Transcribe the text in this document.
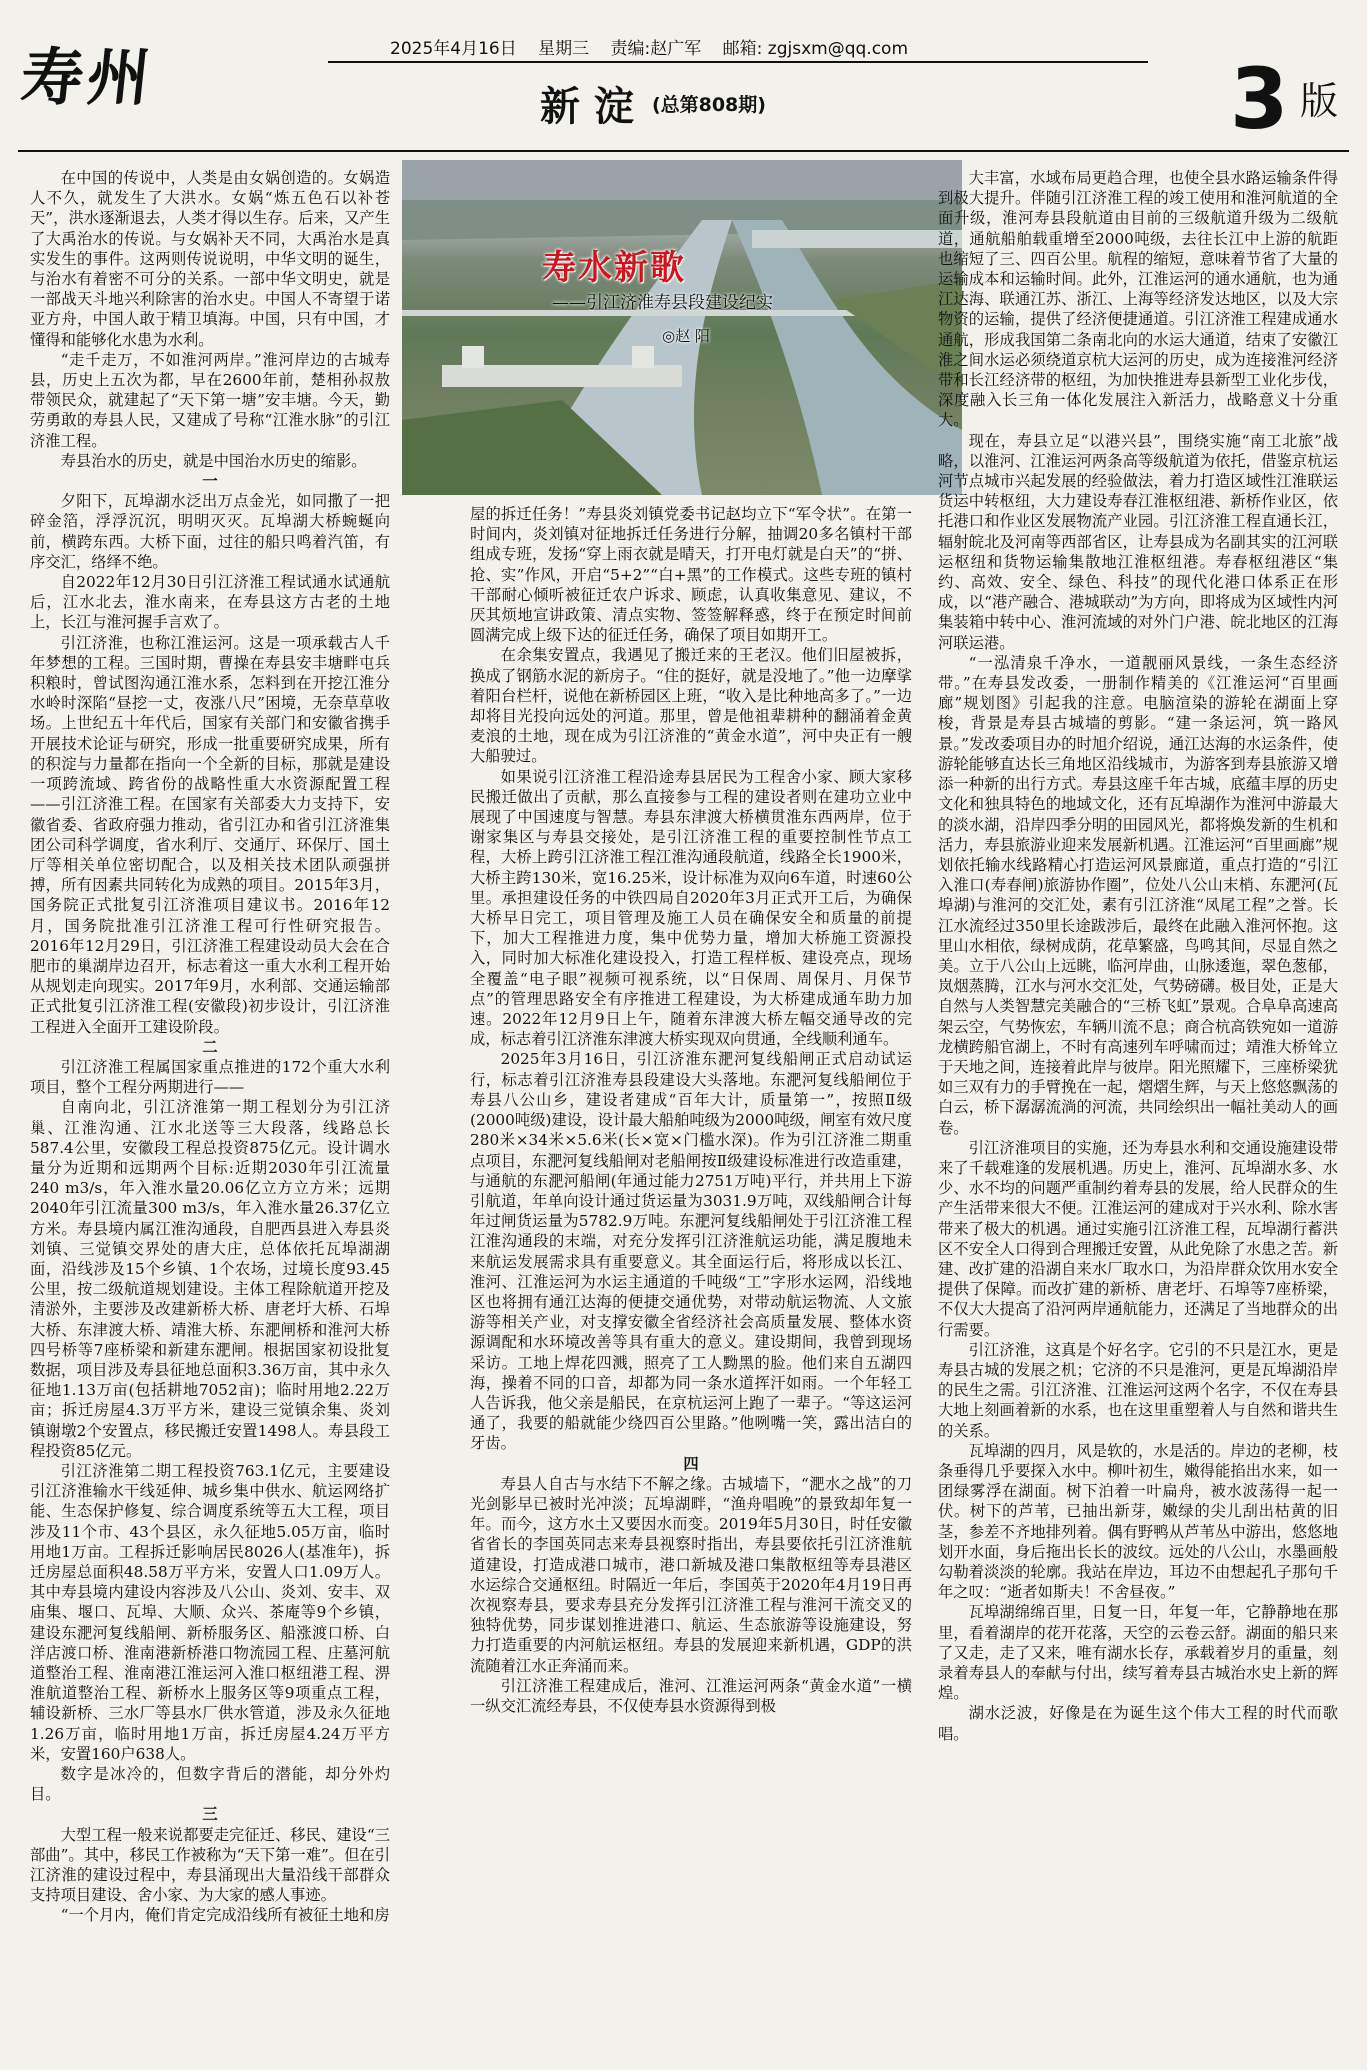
寿州	2025年4月16日 星期三 责编:赵广军 邮箱: zgjsxm@qq.com
新 淀 (总第808期)	3 版
寿水新歌
——引江济淮寿县段建设纪实
◎赵 阳

在中国的传说中，人类是由女娲创造的。女娲造人不久，就发生了大洪水。女娲“炼五色石以补苍天”，洪水逐渐退去，人类才得以生存。后来，又产生了大禹治水的传说。与女娲补天不同，大禹治水是真实发生的事件。这两则传说说明，中华文明的诞生，与治水有着密不可分的关系。一部中华文明史，就是一部战天斗地兴利除害的治水史。中国人不寄望于诺亚方舟，中国人敢于精卫填海。中国，只有中国，才懂得和能够化水患为水利。

“走千走万，不如淮河两岸。”淮河岸边的古城寿县，历史上五次为都，早在2600年前，楚相孙叔敖带领民众，就建起了“天下第一塘”安丰塘。今天，勤劳勇敢的寿县人民，又建成了号称“江淮水脉”的引江济淮工程。

寿县治水的历史，就是中国治水历史的缩影。

一

夕阳下，瓦埠湖水泛出万点金光，如同撒了一把碎金箔，浮浮沉沉，明明灭灭。瓦埠湖大桥蜿蜒向前，横跨东西。大桥下面，过往的船只鸣着汽笛，有序交汇，络绎不绝。

自2022年12月30日引江济淮工程试通水试通航后，江水北去，淮水南来，在寿县这方古老的土地上，长江与淮河握手言欢了。

引江济淮，也称江淮运河。这是一项承载古人千年梦想的工程。三国时期，曹操在寿县安丰塘畔屯兵积粮时，曾试图沟通江淮水系，怎料到在开挖江淮分水岭时深陷“昼挖一丈，夜涨八尺”困境，无奈草草收场。上世纪五十年代后，国家有关部门和安徽省携手开展技术论证与研究，形成一批重要研究成果，所有的积淀与力量都在指向一个全新的目标，那就是建设一项跨流域、跨省份的战略性重大水资源配置工程——引江济淮工程。在国家有关部委大力支持下，安徽省委、省政府强力推动，省引江办和省引江济淮集团公司科学调度，省水利厅、交通厅、环保厅、国土厅等相关单位密切配合，以及相关技术团队顽强拼搏，所有因素共同转化为成熟的项目。2015年3月，国务院正式批复引江济淮项目建议书。2016年12月，国务院批准引江济淮工程可行性研究报告。2016年12月29日，引江济淮工程建设动员大会在合肥市的巢湖岸边召开，标志着这一重大水利工程开始从规划走向现实。2017年9月，水利部、交通运输部正式批复引江济淮工程(安徽段)初步设计，引江济淮工程进入全面开工建设阶段。

二

引江济淮工程属国家重点推进的172个重大水利项目，整个工程分两期进行——

自南向北，引江济淮第一期工程划分为引江济巢、江淮沟通、江水北送等三大段落，线路总长587.4公里，安徽段工程总投资875亿元。设计调水量分为近期和远期两个目标:近期2030年引江流量240 m3/s，年入淮水量20.06亿立方立方米；远期2040年引江流量300 m3/s，年入淮水量26.37亿立方米。寿县境内属江淮沟通段，自肥西县进入寿县炎刘镇、三觉镇交界处的唐大庄，总体依托瓦埠湖湖面，沿线涉及15个乡镇、1个农场，过境长度93.45公里，按二级航道规划建设。主体工程除航道开挖及清淤外，主要涉及改建新桥大桥、唐老圩大桥、石埠大桥、东津渡大桥、靖淮大桥、东淝闸桥和淮河大桥四号桥等7座桥梁和新建东淝闸。根据国家初设批复数据，项目涉及寿县征地总面积3.36万亩，其中永久征地1.13万亩(包括耕地7052亩)；临时用地2.22万亩；拆迁房屋4.3万平方米，建设三觉镇余集、炎刘镇谢墩2个安置点，移民搬迁安置1498人。寿县段工程投资85亿元。

引江济淮第二期工程投资763.1亿元，主要建设引江济淮输水干线延伸、城乡集中供水、航运网络扩能、生态保护修复、综合调度系统等五大工程，项目涉及11个市、43个县区，永久征地5.05万亩，临时用地1万亩。工程拆迁影响居民8026人(基准年)，拆迁房屋总面积48.58万平方米，安置人口1.09万人。其中寿县境内建设内容涉及八公山、炎刘、安丰、双庙集、堰口、瓦埠、大顺、众兴、茶庵等9个乡镇，建设东淝河复线船闸、新桥服务区、船涨渡口桥、白洋店渡口桥、淮南港新桥港口物流园工程、庄墓河航道整治工程、淮南港江淮运河入淮口枢纽港工程、淠淮航道整治工程、新桥水上服务区等9项重点工程，辅设新桥、三水厂等县水厂供水管道，涉及永久征地1.26万亩，临时用地1万亩，拆迁房屋4.24万平方米，安置160户638人。

数字是冰冷的，但数字背后的潜能，却分外灼目。

三

大型工程一般来说都要走完征迁、移民、建设“三部曲”。其中，移民工作被称为“天下第一难”。但在引江济淮的建设过程中，寿县涌现出大量沿线干部群众支持项目建设、舍小家、为大家的感人事迹。

“一个月内，俺们肯定完成沿线所有被征土地和房

屋的拆迁任务！”寿县炎刘镇党委书记赵均立下“军令状”。在第一时间内，炎刘镇对征地拆迁任务进行分解，抽调20多名镇村干部组成专班，发扬“穿上雨衣就是晴天，打开电灯就是白天”的“拼、抢、实”作风，开启“5+2”“白+黑”的工作模式。这些专班的镇村干部耐心倾听被征迁农户诉求、顾虑，认真收集意见、建议，不厌其烦地宣讲政策、清点实物、签签解释惑，终于在预定时间前圆满完成上级下达的征迁任务，确保了项目如期开工。

在余集安置点，我遇见了搬迁来的王老汉。他们旧屋被拆，换成了钢筋水泥的新房子。“住的挺好，就是没地了。”他一边摩挲着阳台栏杆，说他在新桥园区上班，“收入是比种地高多了。”一边却将目光投向远处的河道。那里，曾是他祖辈耕种的翻涌着金黄麦浪的土地，现在成为引江济淮的“黄金水道”，河中央正有一艘大船驶过。

如果说引江济淮工程沿途寿县居民为工程舍小家、顾大家移民搬迁做出了贡献，那么直接参与工程的建设者则在建功立业中展现了中国速度与智慧。寿县东津渡大桥横贯淮东西两岸，位于谢家集区与寿县交接处，是引江济淮工程的重要控制性节点工程，大桥上跨引江济淮工程江淮沟通段航道，线路全长1900米，大桥主跨130米，宽16.25米，设计标准为双向6车道，时速60公里。承担建设任务的中铁四局自2020年3月正式开工后，为确保大桥早日完工，项目管理及施工人员在确保安全和质量的前提下，加大工程推进力度，集中优势力量，增加大桥施工资源投入，同时加大标准化建设投入，打造工程样板、建设亮点，现场全覆盖“电子眼”视频可视系统，以“日保周、周保月、月保节点”的管理思路安全有序推进工程建设，为大桥建成通车助力加速。2022年12月9日上午，随着东津渡大桥左幅交通导改的完成，标志着引江济淮东津渡大桥实现双向贯通，全线顺利通车。

2025年3月16日，引江济淮东淝河复线船闸正式启动试运行，标志着引江济淮寿县段建设大头落地。东淝河复线船闸位于寿县八公山乡，建设者建成“百年大计，质量第一”，按照Ⅱ级(2000吨级)建设，设计最大船舶吨级为2000吨级，闸室有效尺度280米×34米×5.6米(长×宽×门槛水深)。作为引江济淮二期重点项目，东淝河复线船闸对老船闸按Ⅱ级建设标准进行改造重建，与通航的东淝河船闸(年通过能力2751万吨)平行，并共用上下游引航道，年单向设计通过货运量为3031.9万吨，双线船闸合计每年过闸货运量为5782.9万吨。东淝河复线船闸处于引江济淮工程江淮沟通段的末端，对充分发挥引江济淮航运功能，满足腹地未来航运发展需求具有重要意义。其全面运行后，将形成以长江、淮河、江淮运河为水运主通道的千吨级“工”字形水运网，沿线地区也将拥有通江达海的便捷交通优势，对带动航运物流、人文旅游等相关产业，对支撑安徽全省经济社会高质量发展、整体水资源调配和水环境改善等具有重大的意义。建设期间，我曾到现场采访。工地上焊花四溅，照亮了工人黝黑的脸。他们来自五湖四海，操着不同的口音，却都为同一条水道挥汗如雨。一个年轻工人告诉我，他父亲是船民，在京杭运河上跑了一辈子。“等这运河通了，我要的船就能少绕四百公里路。”他咧嘴一笑，露出洁白的牙齿。

四

寿县人自古与水结下不解之缘。古城墙下，“淝水之战”的刀光剑影早已被时光冲淡；瓦埠湖畔，“渔舟唱晚”的景致却年复一年。而今，这方水土又要因水而变。2019年5月30日，时任安徽省省长的李国英同志来寿县视察时指出，寿县要依托引江济淮航道建设，打造成港口城市，港口新城及港口集散枢纽等寿县港区水运综合交通枢纽。时隔近一年后，李国英于2020年4月19日再次视察寿县，要求寿县充分发挥引江济淮工程与淮河干流交叉的独特优势，同步谋划推进港口、航运、生态旅游等设施建设，努力打造重要的内河航运枢纽。寿县的发展迎来新机遇，GDP的洪流随着江水正奔涌而来。

引江济淮工程建成后，淮河、江淮运河两条“黄金水道”一横一纵交汇流经寿县，不仅使寿县水资源得到极

大丰富，水域布局更趋合理，也使全县水路运输条件得到极大提升。伴随引江济淮工程的竣工使用和淮河航道的全面升级，淮河寿县段航道由目前的三级航道升级为二级航道，通航船舶载重增至2000吨级，去往长江中上游的航距也缩短了三、四百公里。航程的缩短，意味着节省了大量的运输成本和运输时间。此外，江淮运河的通水通航，也为通江达海、联通江苏、浙江、上海等经济发达地区，以及大宗物资的运输，提供了经济便捷通道。引江济淮工程建成通水通航，形成我国第二条南北向的水运大通道，结束了安徽江淮之间水运必须绕道京杭大运河的历史，成为连接淮河经济带和长江经济带的枢纽，为加快推进寿县新型工业化步伐，深度融入长三角一体化发展注入新活力，战略意义十分重大。

现在，寿县立足“以港兴县”，围绕实施“南工北旅”战略，以淮河、江淮运河两条高等级航道为依托，借鉴京杭运河节点城市兴起发展的经验做法，着力打造区域性江淮联运货运中转枢纽，大力建设寿春江淮枢纽港、新桥作业区，依托港口和作业区发展物流产业园。引江济淮工程直通长江，辐射皖北及河南等西部省区，让寿县成为名副其实的江河联运枢纽和货物运输集散地江淮枢纽港。寿春枢纽港区“集约、高效、安全、绿色、科技”的现代化港口体系正在形成，以“港产融合、港城联动”为方向，即将成为区域性内河集装箱中转中心、淮河流域的对外门户港、皖北地区的江海河联运港。

“一泓清泉千净水，一道靓丽风景线，一条生态经济带。”在寿县发改委，一册制作精美的《江淮运河“百里画廊”规划图》引起我的注意。电脑渲染的游轮在湖面上穿梭，背景是寿县古城墙的剪影。“建一条运河，筑一路风景。”发改委项目办的时旭介绍说，通江达海的水运条件，使游轮能够直达长三角地区沿线城市，为游客到寿县旅游又增添一种新的出行方式。寿县这座千年古城，底蕴丰厚的历史文化和独具特色的地域文化，还有瓦埠湖作为淮河中游最大的淡水湖，沿岸四季分明的田园风光，都将焕发新的生机和活力，寿县旅游业迎来发展新机遇。江淮运河“百里画廊”规划依托输水线路精心打造运河风景廊道，重点打造的“引江入淮口(寿春闸)旅游协作圈”，位处八公山末梢、东淝河(瓦埠湖)与淮河的交汇处，素有引江济淮“凤尾工程”之誉。长江水流经过350里长途跋涉后，最终在此融入淮河怀抱。这里山水相依，绿树成荫，花草繁盛，鸟鸣其间，尽显自然之美。立于八公山上远眺，临河岸曲，山脉逶迤，翠色葱郁，岚烟蒸腾，江水与河水交汇处，气势磅礴。极目处，正是大自然与人类智慧完美融合的“三桥飞虹”景观。合阜阜高速高架云空，气势恢宏，车辆川流不息；商合杭高铁宛如一道游龙横跨船官湖上，不时有高速列车呼啸而过；靖淮大桥耸立于天地之间，连接着此岸与彼岸。阳光照耀下，三座桥梁犹如三双有力的手臂挽在一起，熠熠生辉，与天上悠悠飘荡的白云，桥下潺潺流淌的河流，共同绘织出一幅社美动人的画卷。

引江济淮项目的实施，还为寿县水利和交通设施建设带来了千载难逢的发展机遇。历史上，淮河、瓦埠湖水多、水少、水不均的问题严重制约着寿县的发展，给人民群众的生产生活带来很大不便。江淮运河的建成对于兴水利、除水害带来了极大的机遇。通过实施引江济淮工程，瓦埠湖行蓄洪区不安全人口得到合理搬迁安置，从此免除了水患之苦。新建、改扩建的沿湖自来水厂取水口，为沿岸群众饮用水安全提供了保障。而改扩建的新桥、唐老圩、石埠等7座桥梁，不仅大大提高了沿河两岸通航能力，还满足了当地群众的出行需要。

引江济淮，这真是个好名字。它引的不只是江水，更是寿县古城的发展之机；它济的不只是淮河，更是瓦埠湖沿岸的民生之需。引江济淮、江淮运河这两个名字，不仅在寿县大地上刻画着新的水系，也在这里重塑着人与自然和谐共生的关系。

瓦埠湖的四月，风是软的，水是活的。岸边的老柳，枝条垂得几乎要探入水中。柳叶初生，嫩得能掐出水来，如一团绿雾浮在湖面。树下泊着一叶扁舟，被水波荡得一起一伏。树下的芦苇，已抽出新芽，嫩绿的尖儿刮出枯黄的旧茎，参差不齐地排列着。偶有野鸭从芦苇丛中游出，悠悠地划开水面，身后拖出长长的波纹。远处的八公山，水墨画般勾勒着淡淡的轮廓。我站在岸边，耳边不由想起孔子那句千年之叹：“逝者如斯夫！不舍昼夜。”

瓦埠湖绵绵百里，日复一日，年复一年，它静静地在那里，看着湖岸的花开花落，天空的云卷云舒。湖面的船只来了又走，走了又来，唯有湖水长存，承载着岁月的重量，刻录着寿县人的奉献与付出，续写着寿县古城治水史上新的辉煌。

湖水泛波，好像是在为诞生这个伟大工程的时代而歌唱。
